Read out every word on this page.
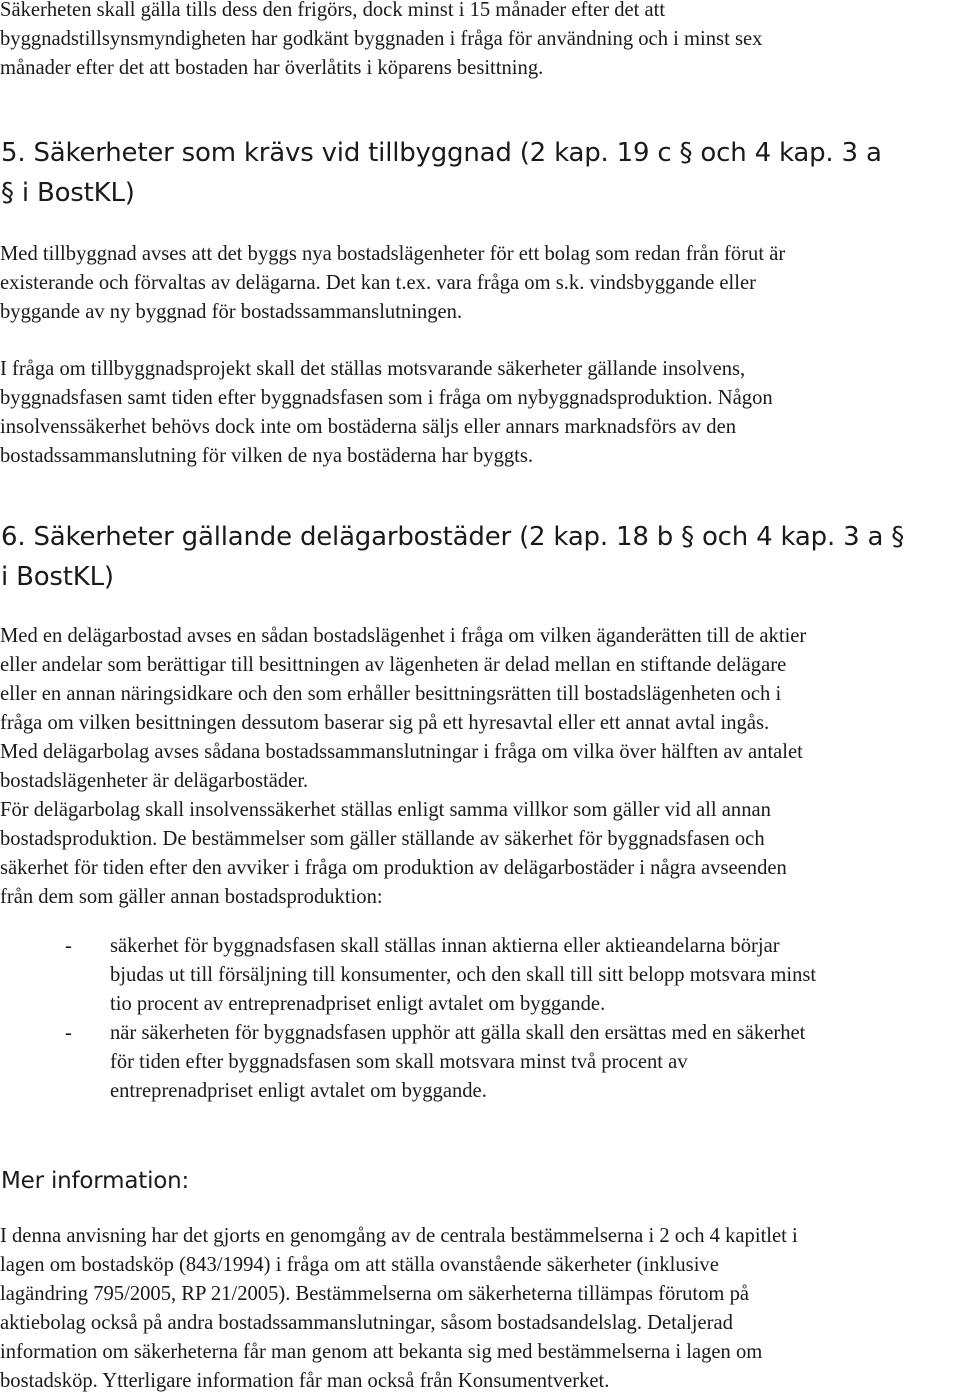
Säkerheten skall gälla tills dess den frigörs, dock minst i 15 månader efter det att
byggnadstillsynsmyndigheten har godkänt byggnaden i fråga för användning och i minst sex
månader efter det att bostaden har överlåtits i köparens besittning.

5. Säkerheter som krävs vid tillbyggnad (2 kap. 19 c § och 4 kap. 3 a
§ i BostKL)

Med tillbyggnad avses att det byggs nya bostadslägenheter för ett bolag som redan från förut är
existerande och förvaltas av delägarna. Det kan t.ex. vara fråga om s.k. vindsbyggande eller
byggande av ny byggnad för bostadssammanslutningen.

I fråga om tillbyggnadsprojekt skall det ställas motsvarande säkerheter gällande insolvens,
byggnadsfasen samt tiden efter byggnadsfasen som i fråga om nybyggnadsproduktion. Någon
insolvenssäkerhet behövs dock inte om bostäderna säljs eller annars marknadsförs av den
bostadssammanslutning för vilken de nya bostäderna har byggts.

6. Säkerheter gällande delägarbostäder (2 kap. 18 b § och 4 kap. 3 a §
i BostKL)

Med en delägarbostad avses en sådan bostadslägenhet i fråga om vilken äganderätten till de aktier
eller andelar som berättigar till besittningen av lägenheten är delad mellan en stiftande delägare
eller en annan näringsidkare och den som erhåller besittningsrätten till bostadslägenheten och i
fråga om vilken besittningen dessutom baserar sig på ett hyresavtal eller ett annat avtal ingås.
Med delägarbolag avses sådana bostadssammanslutningar i fråga om vilka över hälften av antalet
bostadslägenheter är delägarbostäder.
För delägarbolag skall insolvenssäkerhet ställas enligt samma villkor som gäller vid all annan
bostadsproduktion. De bestämmelser som gäller ställande av säkerhet för byggnadsfasen och
säkerhet för tiden efter den avviker i fråga om produktion av delägarbostäder i några avseenden
från dem som gäller annan bostadsproduktion:

- säkerhet för byggnadsfasen skall ställas innan aktierna eller aktieandelarna börjar
bjudas ut till försäljning till konsumenter, och den skall till sitt belopp motsvara minst
tio procent av entreprenadpriset enligt avtalet om byggande.
- när säkerheten för byggnadsfasen upphör att gälla skall den ersättas med en säkerhet
för tiden efter byggnadsfasen som skall motsvara minst två procent av
entreprenadpriset enligt avtalet om byggande.
Mer information:

I denna anvisning har det gjorts en genomgång av de centrala bestämmelserna i 2 och 4 kapitlet i
lagen om bostadsköp (843/1994) i fråga om att ställa ovanstående säkerheter (inklusive
lagändring 795/2005, RP 21/2005). Bestämmelserna om säkerheterna tillämpas förutom på
aktiebolag också på andra bostadssammanslutningar, såsom bostadsandelslag. Detaljerad
information om säkerheterna får man genom att bekanta sig med bestämmelserna i lagen om
bostadsköp. Ytterligare information får man också från Konsumentverket.
